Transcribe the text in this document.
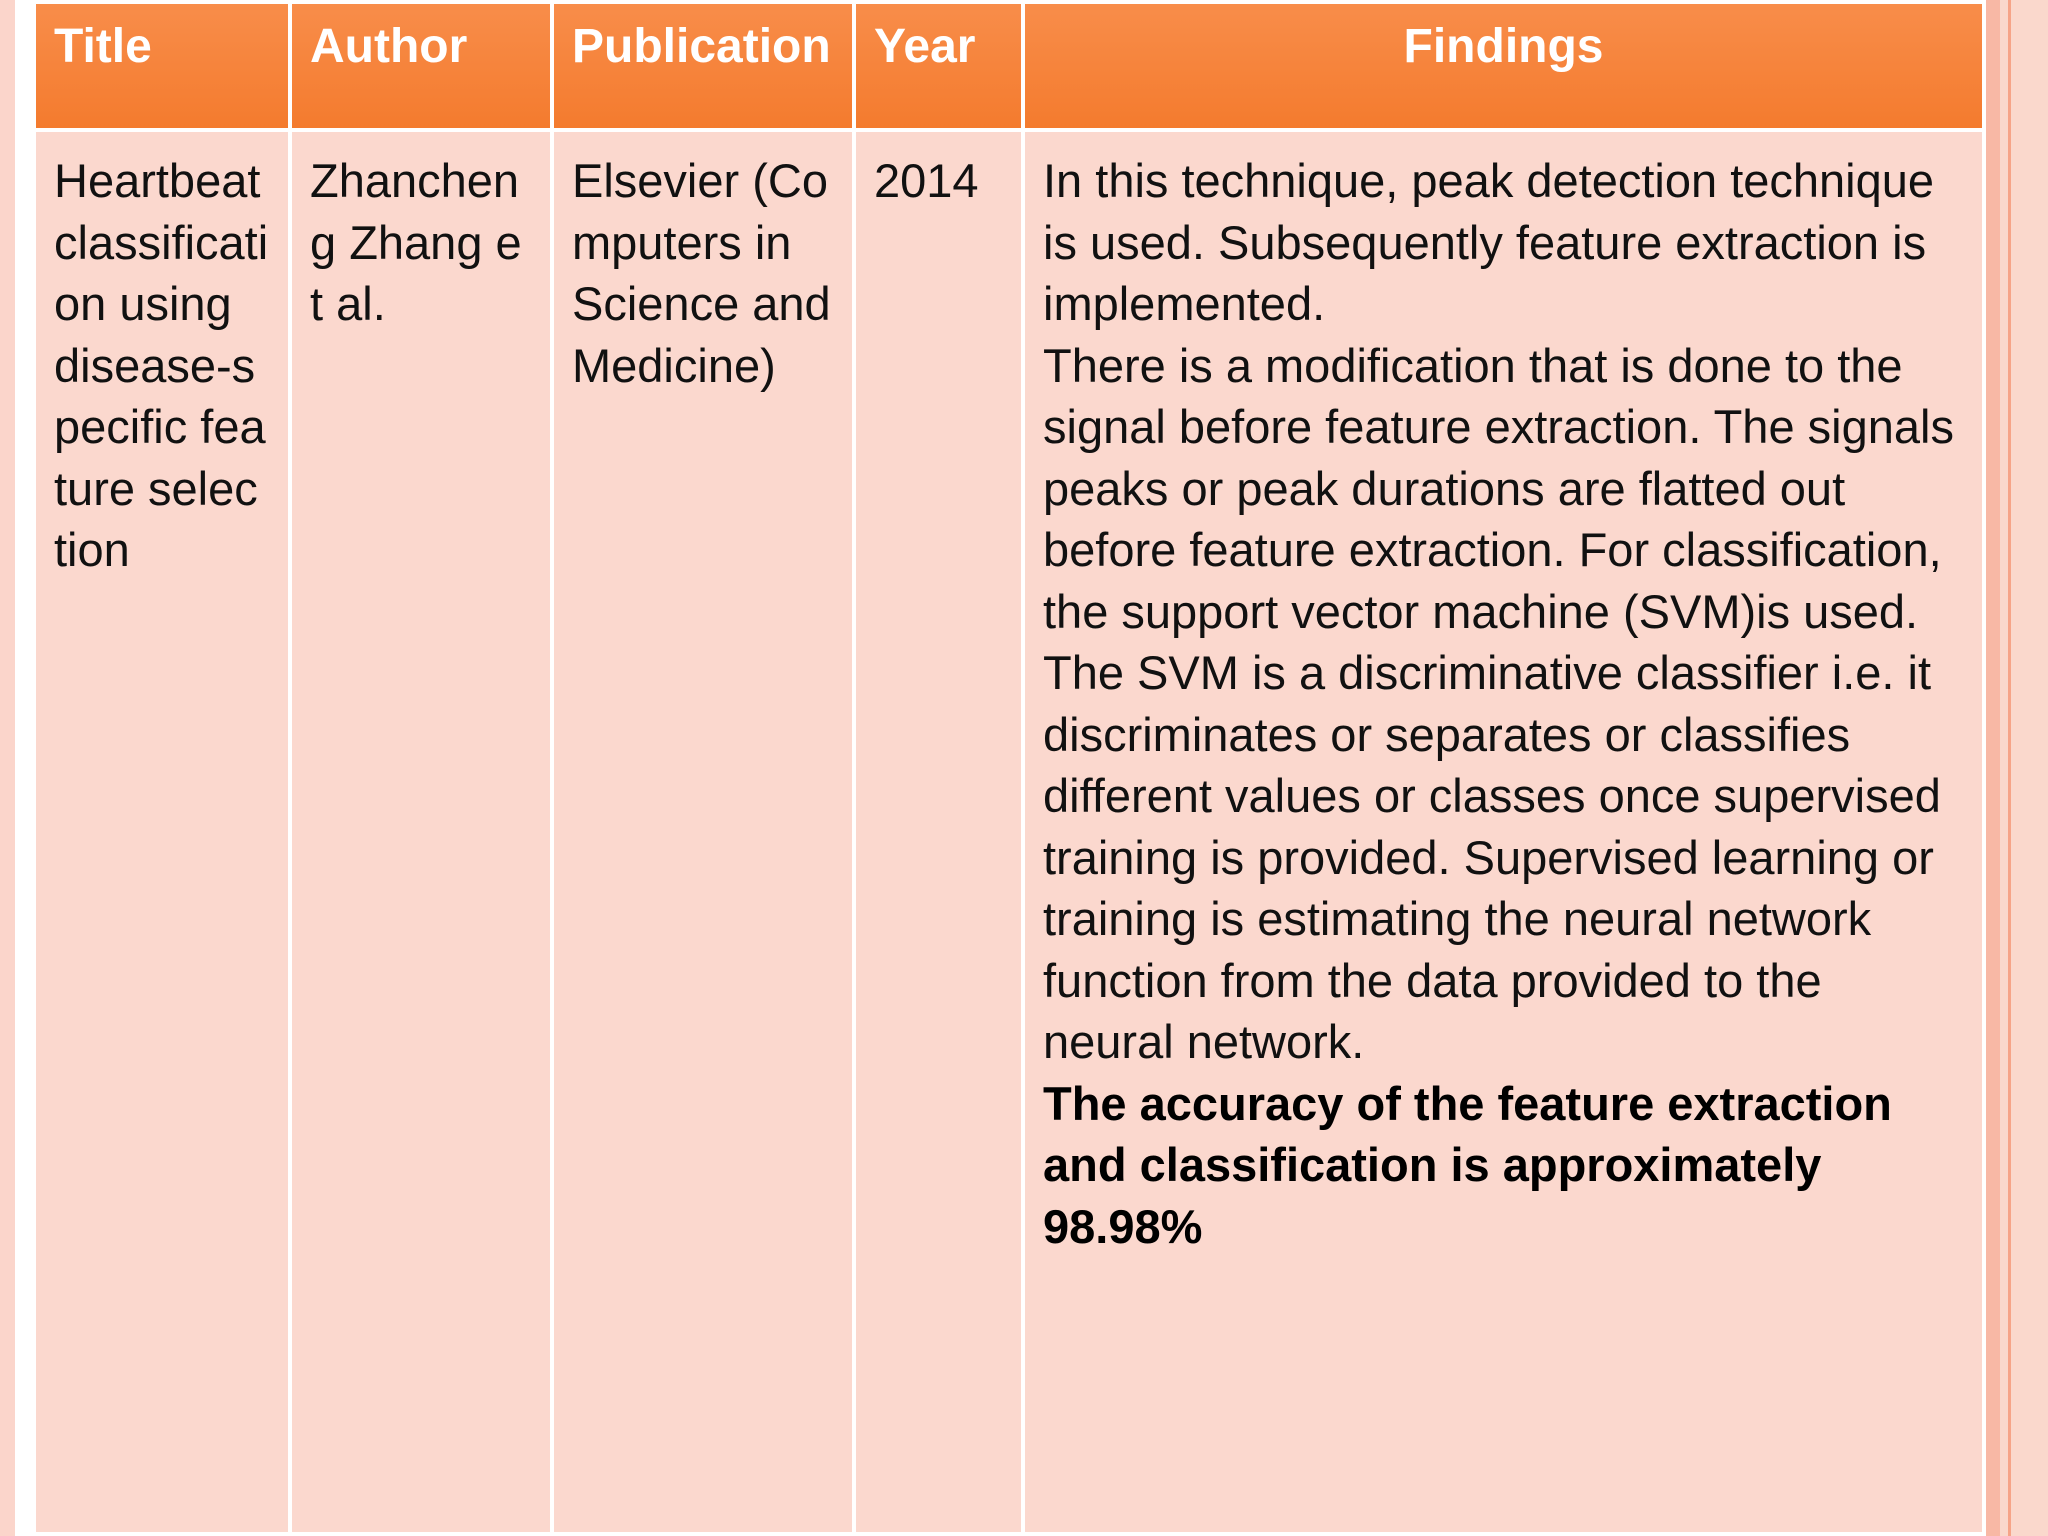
Title	Author	Publication	Year	Findings
Heartbeat classification using disease-specific feature selection	Zhancheng Zhang et al.	Elsevier (Computers in Science and Medicine)	2014	In this technique, peak detection technique is used. Subsequently feature extraction is implemented.

There is a modification that is done to the signal before feature extraction. The signals peaks or peak durations are flatted out before feature extraction. For classification, the support vector machine (SVM)is used.

The SVM is a discriminative classifier i.e. it discriminates or separates or classifies different values or classes once supervised training is provided. Supervised learning or training is estimating the neural network function from the data provided to the neural network.

The accuracy of the feature extraction and classification is approximately 98.98%
